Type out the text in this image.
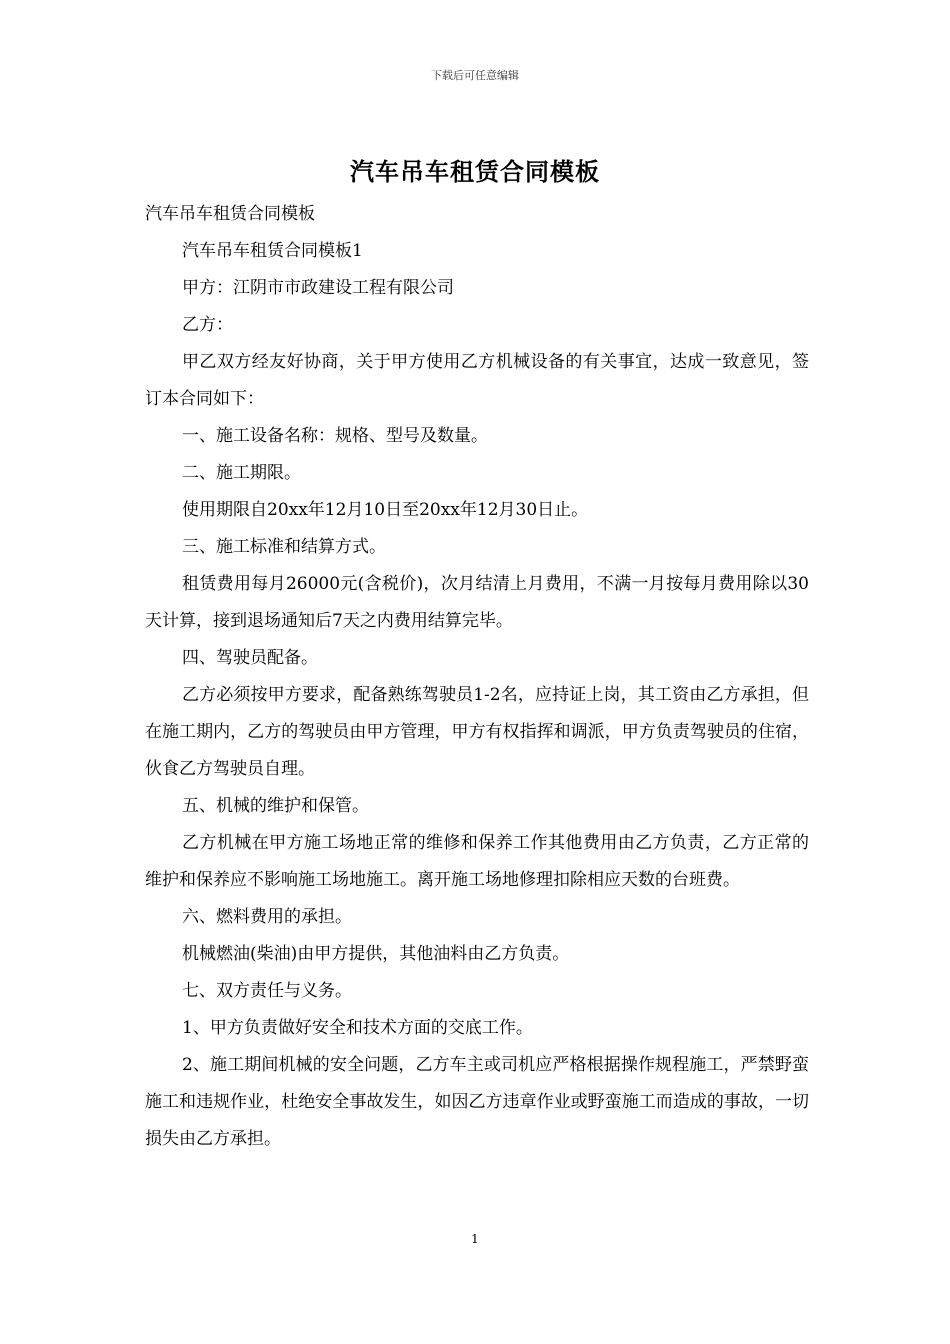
下载后可任意编辑
汽车吊车租赁合同模板

汽车吊车租赁合同模板

汽车吊车租赁合同模板1

甲方：江阴市市政建设工程有限公司

乙方：

甲乙双方经友好协商，关于甲方使用乙方机械设备的有关事宜，达成一致意见，签订本合同如下：

一、施工设备名称：规格、型号及数量。

二、施工期限。

使用期限自20xx年12月10日至20xx年12月30日止。

三、施工标准和结算方式。

租赁费用每月26000元(含税价)，次月结清上月费用，不满一月按每月费用除以30天计算，接到退场通知后7天之内费用结算完毕。

四、驾驶员配备。

乙方必须按甲方要求，配备熟练驾驶员1-2名，应持证上岗，其工资由乙方承担，但在施工期内，乙方的驾驶员由甲方管理，甲方有权指挥和调派，甲方负责驾驶员的住宿，伙食乙方驾驶员自理。

五、机械的维护和保管。

乙方机械在甲方施工场地正常的维修和保养工作其他费用由乙方负责，乙方正常的维护和保养应不影响施工场地施工。离开施工场地修理扣除相应天数的台班费。

六、燃料费用的承担。

机械燃油(柴油)由甲方提供，其他油料由乙方负责。

七、双方责任与义务。

1、甲方负责做好安全和技术方面的交底工作。

2、施工期间机械的安全问题，乙方车主或司机应严格根据操作规程施工，严禁野蛮施工和违规作业，杜绝安全事故发生，如因乙方违章作业或野蛮施工而造成的事故，一切损失由乙方承担。

1
